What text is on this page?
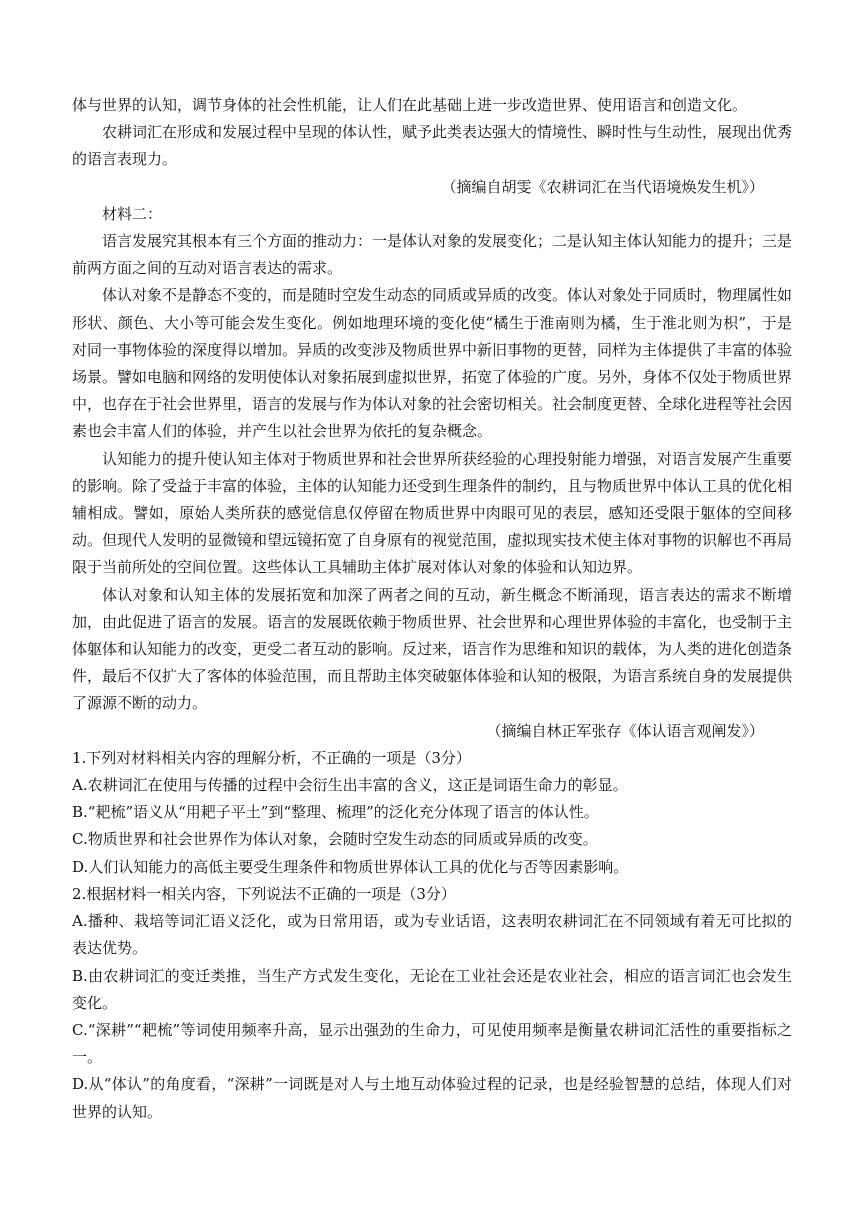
体与世界的认知，调节身体的社会性机能，让人们在此基础上进一步改造世界、使用语言和创造文化。

农耕词汇在形成和发展过程中呈现的体认性，赋予此类表达强大的情境性、瞬时性与生动性，展现出优秀的语言表现力。

（摘编自胡雯《农耕词汇在当代语境焕发生机》）

材料二：

语言发展究其根本有三个方面的推动力：一是体认对象的发展变化；二是认知主体认知能力的提升；三是前两方面之间的互动对语言表达的需求。

体认对象不是静态不变的，而是随时空发生动态的同质或异质的改变。体认对象处于同质时，物理属性如形状、颜色、大小等可能会发生变化。例如地理环境的变化使“橘生于淮南则为橘，生于淮北则为枳”，于是对同一事物体验的深度得以增加。异质的改变涉及物质世界中新旧事物的更替，同样为主体提供了丰富的体验场景。譬如电脑和网络的发明使体认对象拓展到虚拟世界，拓宽了体验的广度。另外，身体不仅处于物质世界中，也存在于社会世界里，语言的发展与作为体认对象的社会密切相关。社会制度更替、全球化进程等社会因素也会丰富人们的体验，并产生以社会世界为依托的复杂概念。

认知能力的提升使认知主体对于物质世界和社会世界所获经验的心理投射能力增强，对语言发展产生重要的影响。除了受益于丰富的体验，主体的认知能力还受到生理条件的制约，且与物质世界中体认工具的优化相辅相成。譬如，原始人类所获的感觉信息仅停留在物质世界中肉眼可见的表层，感知还受限于躯体的空间移动。但现代人发明的显微镜和望远镜拓宽了自身原有的视觉范围，虚拟现实技术使主体对事物的识解也不再局限于当前所处的空间位置。这些体认工具辅助主体扩展对体认对象的体验和认知边界。

体认对象和认知主体的发展拓宽和加深了两者之间的互动，新生概念不断涌现，语言表达的需求不断增加，由此促进了语言的发展。语言的发展既依赖于物质世界、社会世界和心理世界体验的丰富化，也受制于主体躯体和认知能力的改变，更受二者互动的影响。反过来，语言作为思维和知识的载体，为人类的进化创造条件，最后不仅扩大了客体的体验范围，而且帮助主体突破躯体体验和认知的极限，为语言系统自身的发展提供了源源不断的动力。

（摘编自林正军张存《体认语言观阐发》）

1.下列对材料相关内容的理解分析，不正确的一项是（3分）

A.农耕词汇在使用与传播的过程中会衍生出丰富的含义，这正是词语生命力的彰显。

B.“耙梳”语义从“用耙子平土”到“整理、梳理”的泛化充分体现了语言的体认性。

C.物质世界和社会世界作为体认对象，会随时空发生动态的同质或异质的改变。

D.人们认知能力的高低主要受生理条件和物质世界体认工具的优化与否等因素影响。

2.根据材料一相关内容，下列说法不正确的一项是（3分）

A.播种、栽培等词汇语义泛化，或为日常用语，或为专业话语，这表明农耕词汇在不同领域有着无可比拟的表达优势。

B.由农耕词汇的变迁类推，当生产方式发生变化，无论在工业社会还是农业社会，相应的语言词汇也会发生变化。

C.“深耕”“耙梳”等词使用频率升高，显示出强劲的生命力，可见使用频率是衡量农耕词汇活性的重要指标之一。

D.从“体认”的角度看，“深耕”一词既是对人与土地互动体验过程的记录，也是经验智慧的总结，体现人们对世界的认知。
